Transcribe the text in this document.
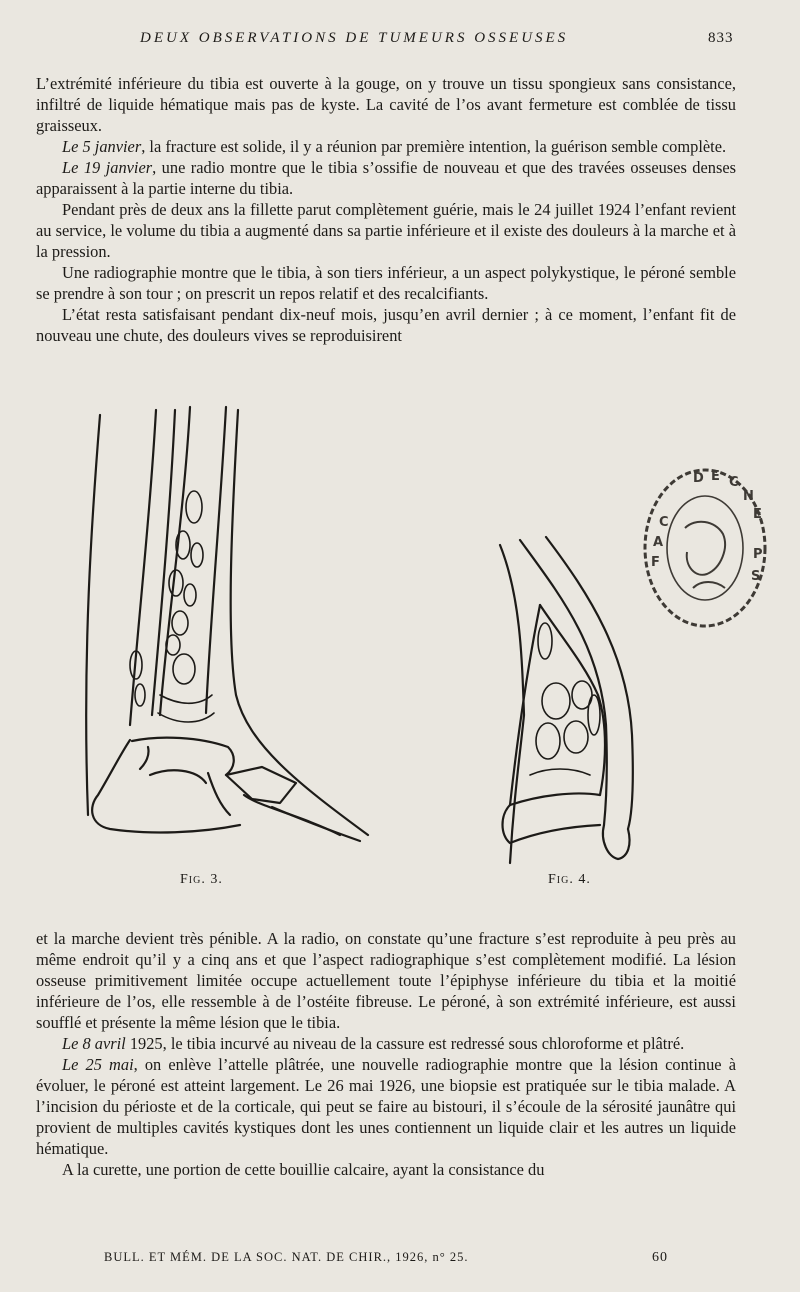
DEUX OBSERVATIONS DE TUMEURS OSSEUSES	833

L’extrémité inférieure du tibia est ouverte à la gouge, on y trouve un tissu spongieux sans consistance, infiltré de liquide hématique mais pas de kyste. La cavité de l’os avant fermeture est comblée de tissu graisseux.

Le 5 janvier, la fracture est solide, il y a réunion par première intention, la guérison semble complète.

Le 19 janvier, une radio montre que le tibia s’ossifie de nouveau et que des travées osseuses denses apparaissent à la partie interne du tibia.

Pendant près de deux ans la fillette parut complètement guérie, mais le 24 juillet 1924 l’enfant revient au service, le volume du tibia a augmenté dans sa partie inférieure et il existe des douleurs à la marche et à la pression.

Une radiographie montre que le tibia, à son tiers inférieur, a un aspect polykystique, le péroné semble se prendre à son tour ; on prescrit un repos relatif et des recalcifiants.

L’état resta satisfaisant pendant dix-neuf mois, jusqu’en avril dernier ; à ce moment, l’enfant fit de nouveau une chute, des douleurs vives se reproduisirent

Fig. 3.	Fig. 4.
D E C
N
E
F
A
C
P
S

et la marche devient très pénible. A la radio, on constate qu’une fracture s’est reproduite à peu près au même endroit qu’il y a cinq ans et que l’aspect radiographique s’est complètement modifié. La lésion osseuse primitivement limitée occupe actuellement toute l’épiphyse inférieure du tibia et la moitié inférieure de l’os, elle ressemble à de l’ostéite fibreuse. Le péroné, à son extrémité inférieure, est aussi soufflé et présente la même lésion que le tibia.

Le 8 avril 1925, le tibia incurvé au niveau de la cassure est redressé sous chloroforme et plâtré.

Le 25 mai, on enlève l’attelle plâtrée, une nouvelle radiographie montre que la lésion continue à évoluer, le péroné est atteint largement. Le 26 mai 1926, une biopsie est pratiquée sur le tibia malade. A l’incision du périoste et de la corticale, qui peut se faire au bistouri, il s’écoule de la sérosité jaunâtre qui provient de multiples cavités kystiques dont les unes contiennent un liquide clair et les autres un liquide hématique.

A la curette, une portion de cette bouillie calcaire, ayant la consistance du

BULL. ET MÉM. DE LA SOC. NAT. DE CHIR., 1926, n° 25.	60
